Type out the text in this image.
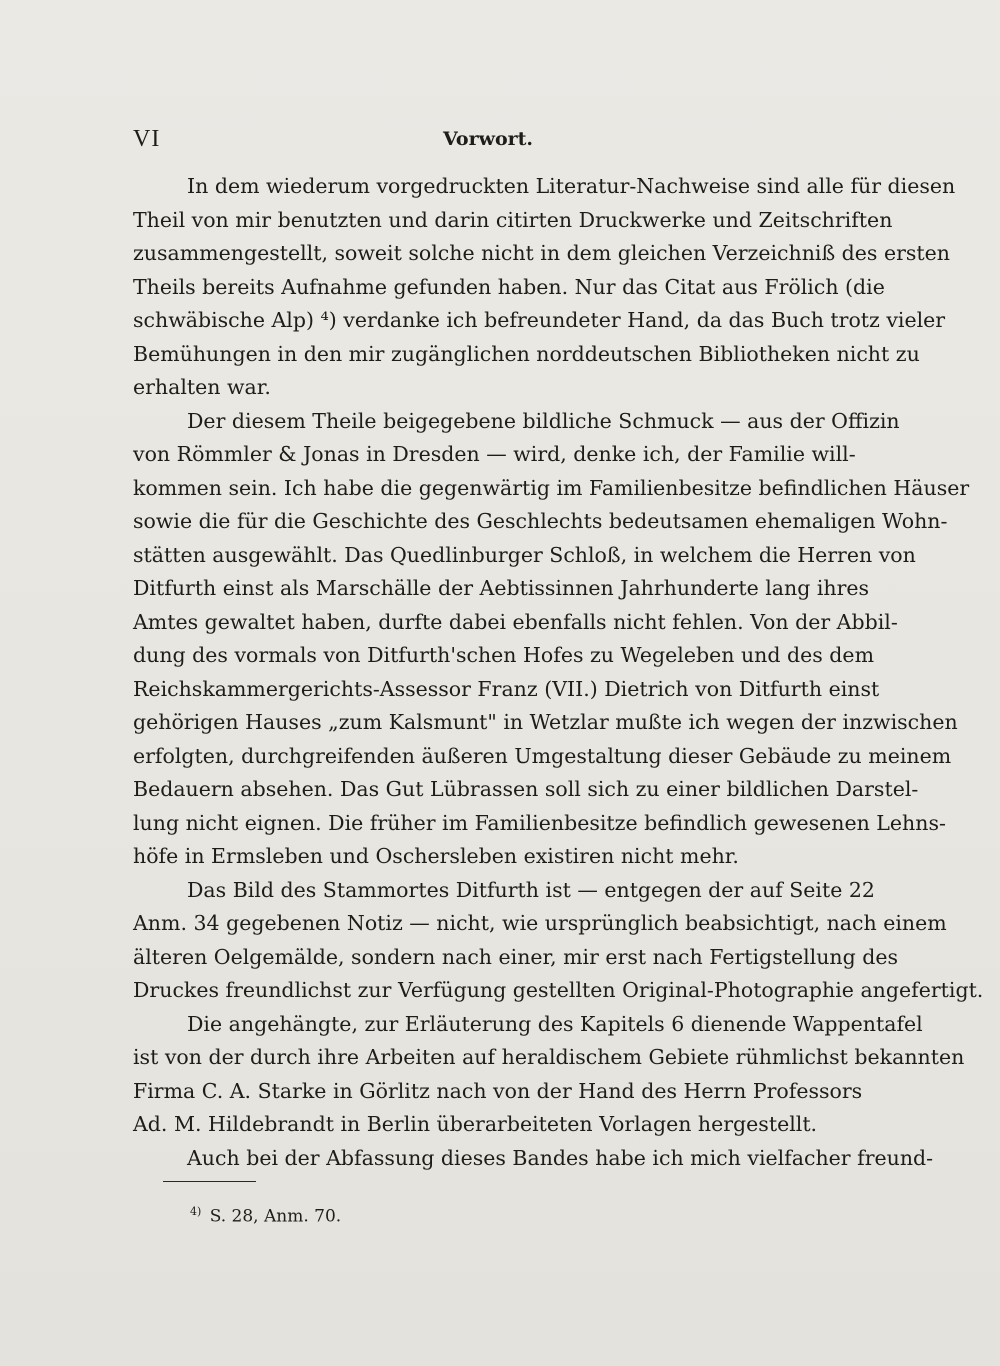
VI	Vorwort.
In dem wiederum vorgedruckten Literatur-Nachweise sind alle für diesen
Theil von mir benutzten und darin citirten Druckwerke und Zeitschriften
zusammengestellt, soweit solche nicht in dem gleichen Verzeichniß des ersten
Theils bereits Aufnahme gefunden haben. Nur das Citat aus Frölich (die
schwäbische Alp) ⁴) verdanke ich befreundeter Hand, da das Buch trotz vieler
Bemühungen in den mir zugänglichen norddeutschen Bibliotheken nicht zu
erhalten war.
Der diesem Theile beigegebene bildliche Schmuck — aus der Offizin
von Römmler & Jonas in Dresden — wird, denke ich, der Familie will-
kommen sein. Ich habe die gegenwärtig im Familienbesitze befindlichen Häuser
sowie die für die Geschichte des Geschlechts bedeutsamen ehemaligen Wohn-
stätten ausgewählt. Das Quedlinburger Schloß, in welchem die Herren von
Ditfurth einst als Marschälle der Aebtissinnen Jahrhunderte lang ihres
Amtes gewaltet haben, durfte dabei ebenfalls nicht fehlen. Von der Abbil-
dung des vormals von Ditfurth'schen Hofes zu Wegeleben und des dem
Reichskammergerichts-Assessor Franz (VII.) Dietrich von Ditfurth einst
gehörigen Hauses „zum Kalsmunt" in Wetzlar mußte ich wegen der inzwischen
erfolgten, durchgreifenden äußeren Umgestaltung dieser Gebäude zu meinem
Bedauern absehen. Das Gut Lübrassen soll sich zu einer bildlichen Darstel-
lung nicht eignen. Die früher im Familienbesitze befindlich gewesenen Lehns-
höfe in Ermsleben und Oschersleben existiren nicht mehr.
Das Bild des Stammortes Ditfurth ist — entgegen der auf Seite 22
Anm. 34 gegebenen Notiz — nicht, wie ursprünglich beabsichtigt, nach einem
älteren Oelgemälde, sondern nach einer, mir erst nach Fertigstellung des
Druckes freundlichst zur Verfügung gestellten Original-Photographie angefertigt.
Die angehängte, zur Erläuterung des Kapitels 6 dienende Wappentafel
ist von der durch ihre Arbeiten auf heraldischem Gebiete rühmlichst bekannten
Firma C. A. Starke in Görlitz nach von der Hand des Herrn Professors
Ad. M. Hildebrandt in Berlin überarbeiteten Vorlagen hergestellt.
Auch bei der Abfassung dieses Bandes habe ich mich vielfacher freund-
$^{4)}$ S. 28, Anm. 70.
